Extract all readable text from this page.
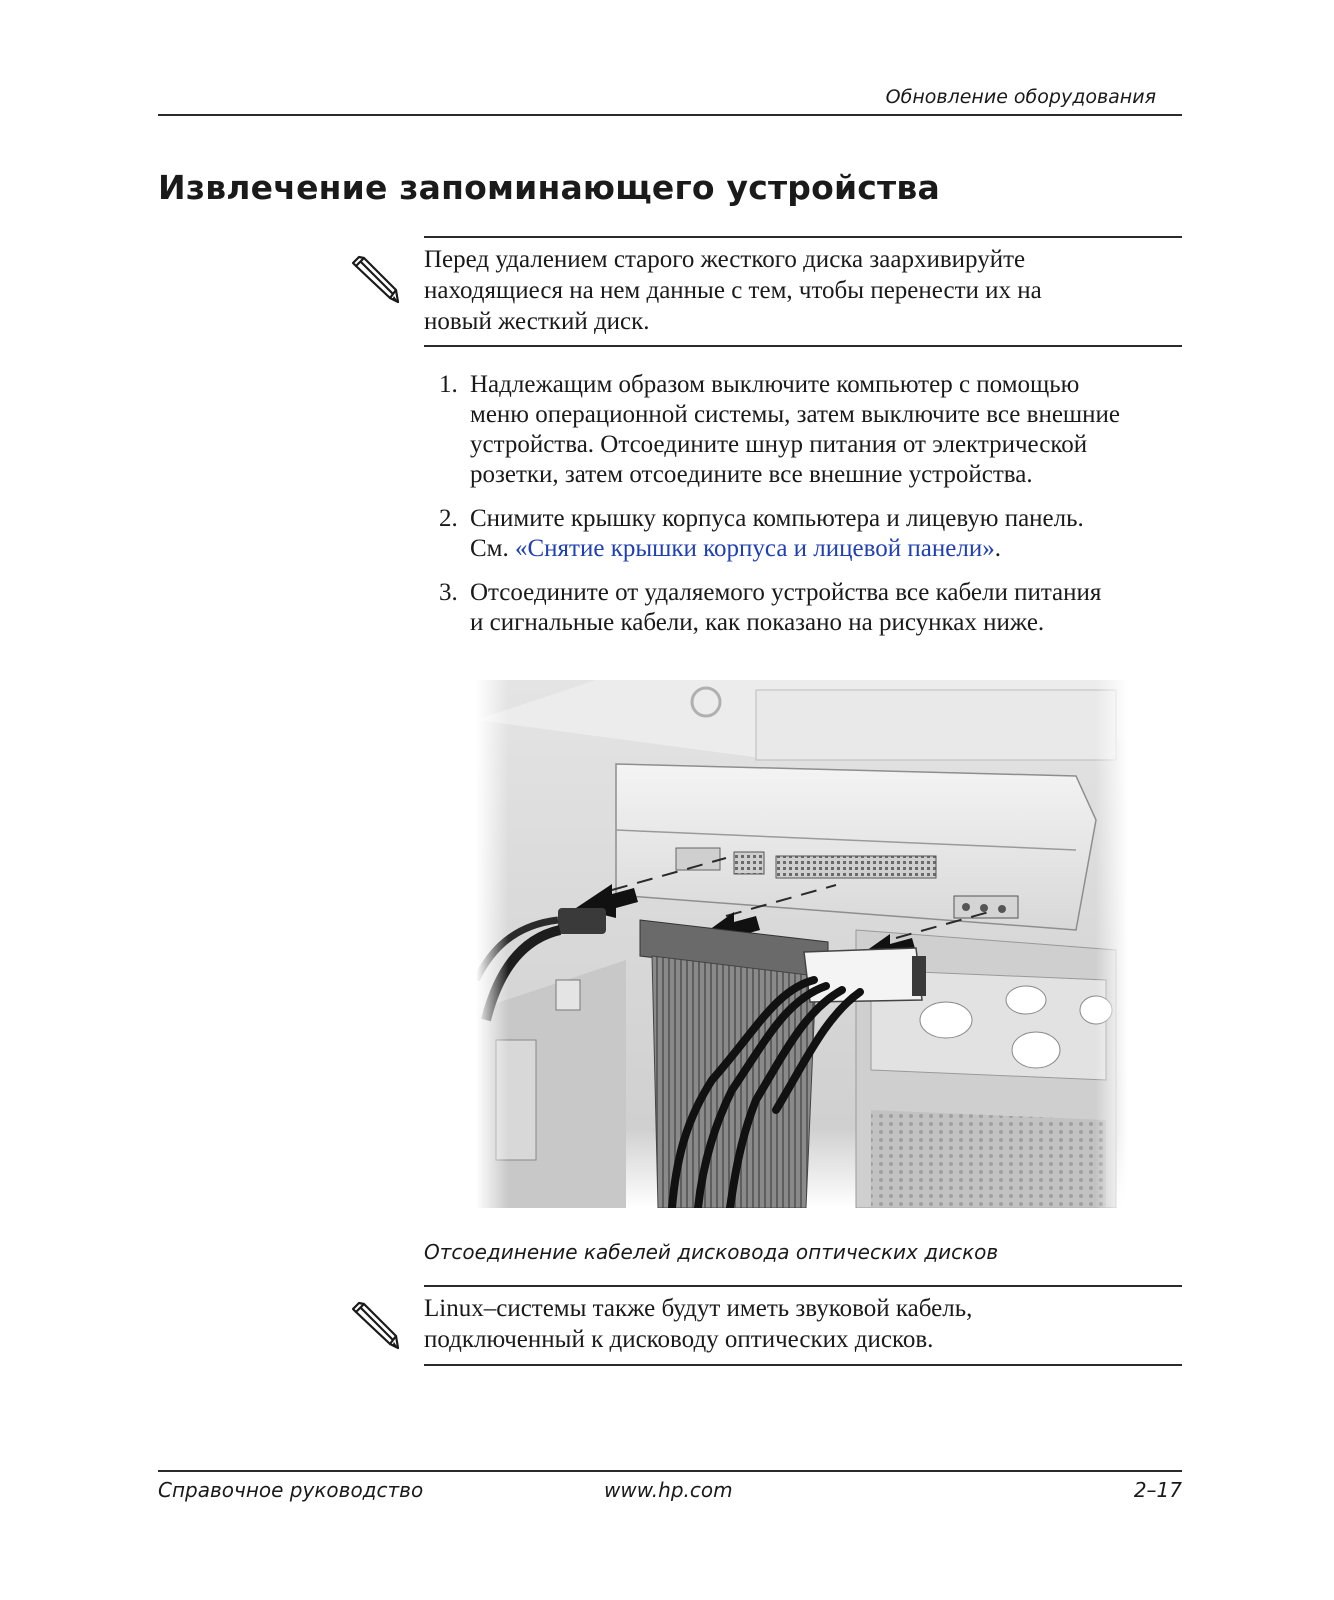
Обновление оборудования
Извлечение запоминающего устройства
Перед удалением старого жесткого диска заархивируйте
находящиеся на нем данные с тем, чтобы перенести их на
новый жесткий диск.
1. Надлежащим образом выключите компьютер с помощью
меню операционной системы, затем выключите все внешние
устройства. Отсоедините шнур питания от электрической
розетки, затем отсоедините все внешние устройства.
2. Снимите крышку корпуса компьютера и лицевую панель.
См. «Снятие крышки корпуса и лицевой панели».
3. Отсоедините от удаляемого устройства все кабели питания
и сигнальные кабели, как показано на рисунках ниже.
Отсоединение кабелей дисковода оптических дисков
Linux–системы также будут иметь звуковой кабель,
подключенный к дисководу оптических дисков.
Справочное руководство	www.hp.com	2–17
